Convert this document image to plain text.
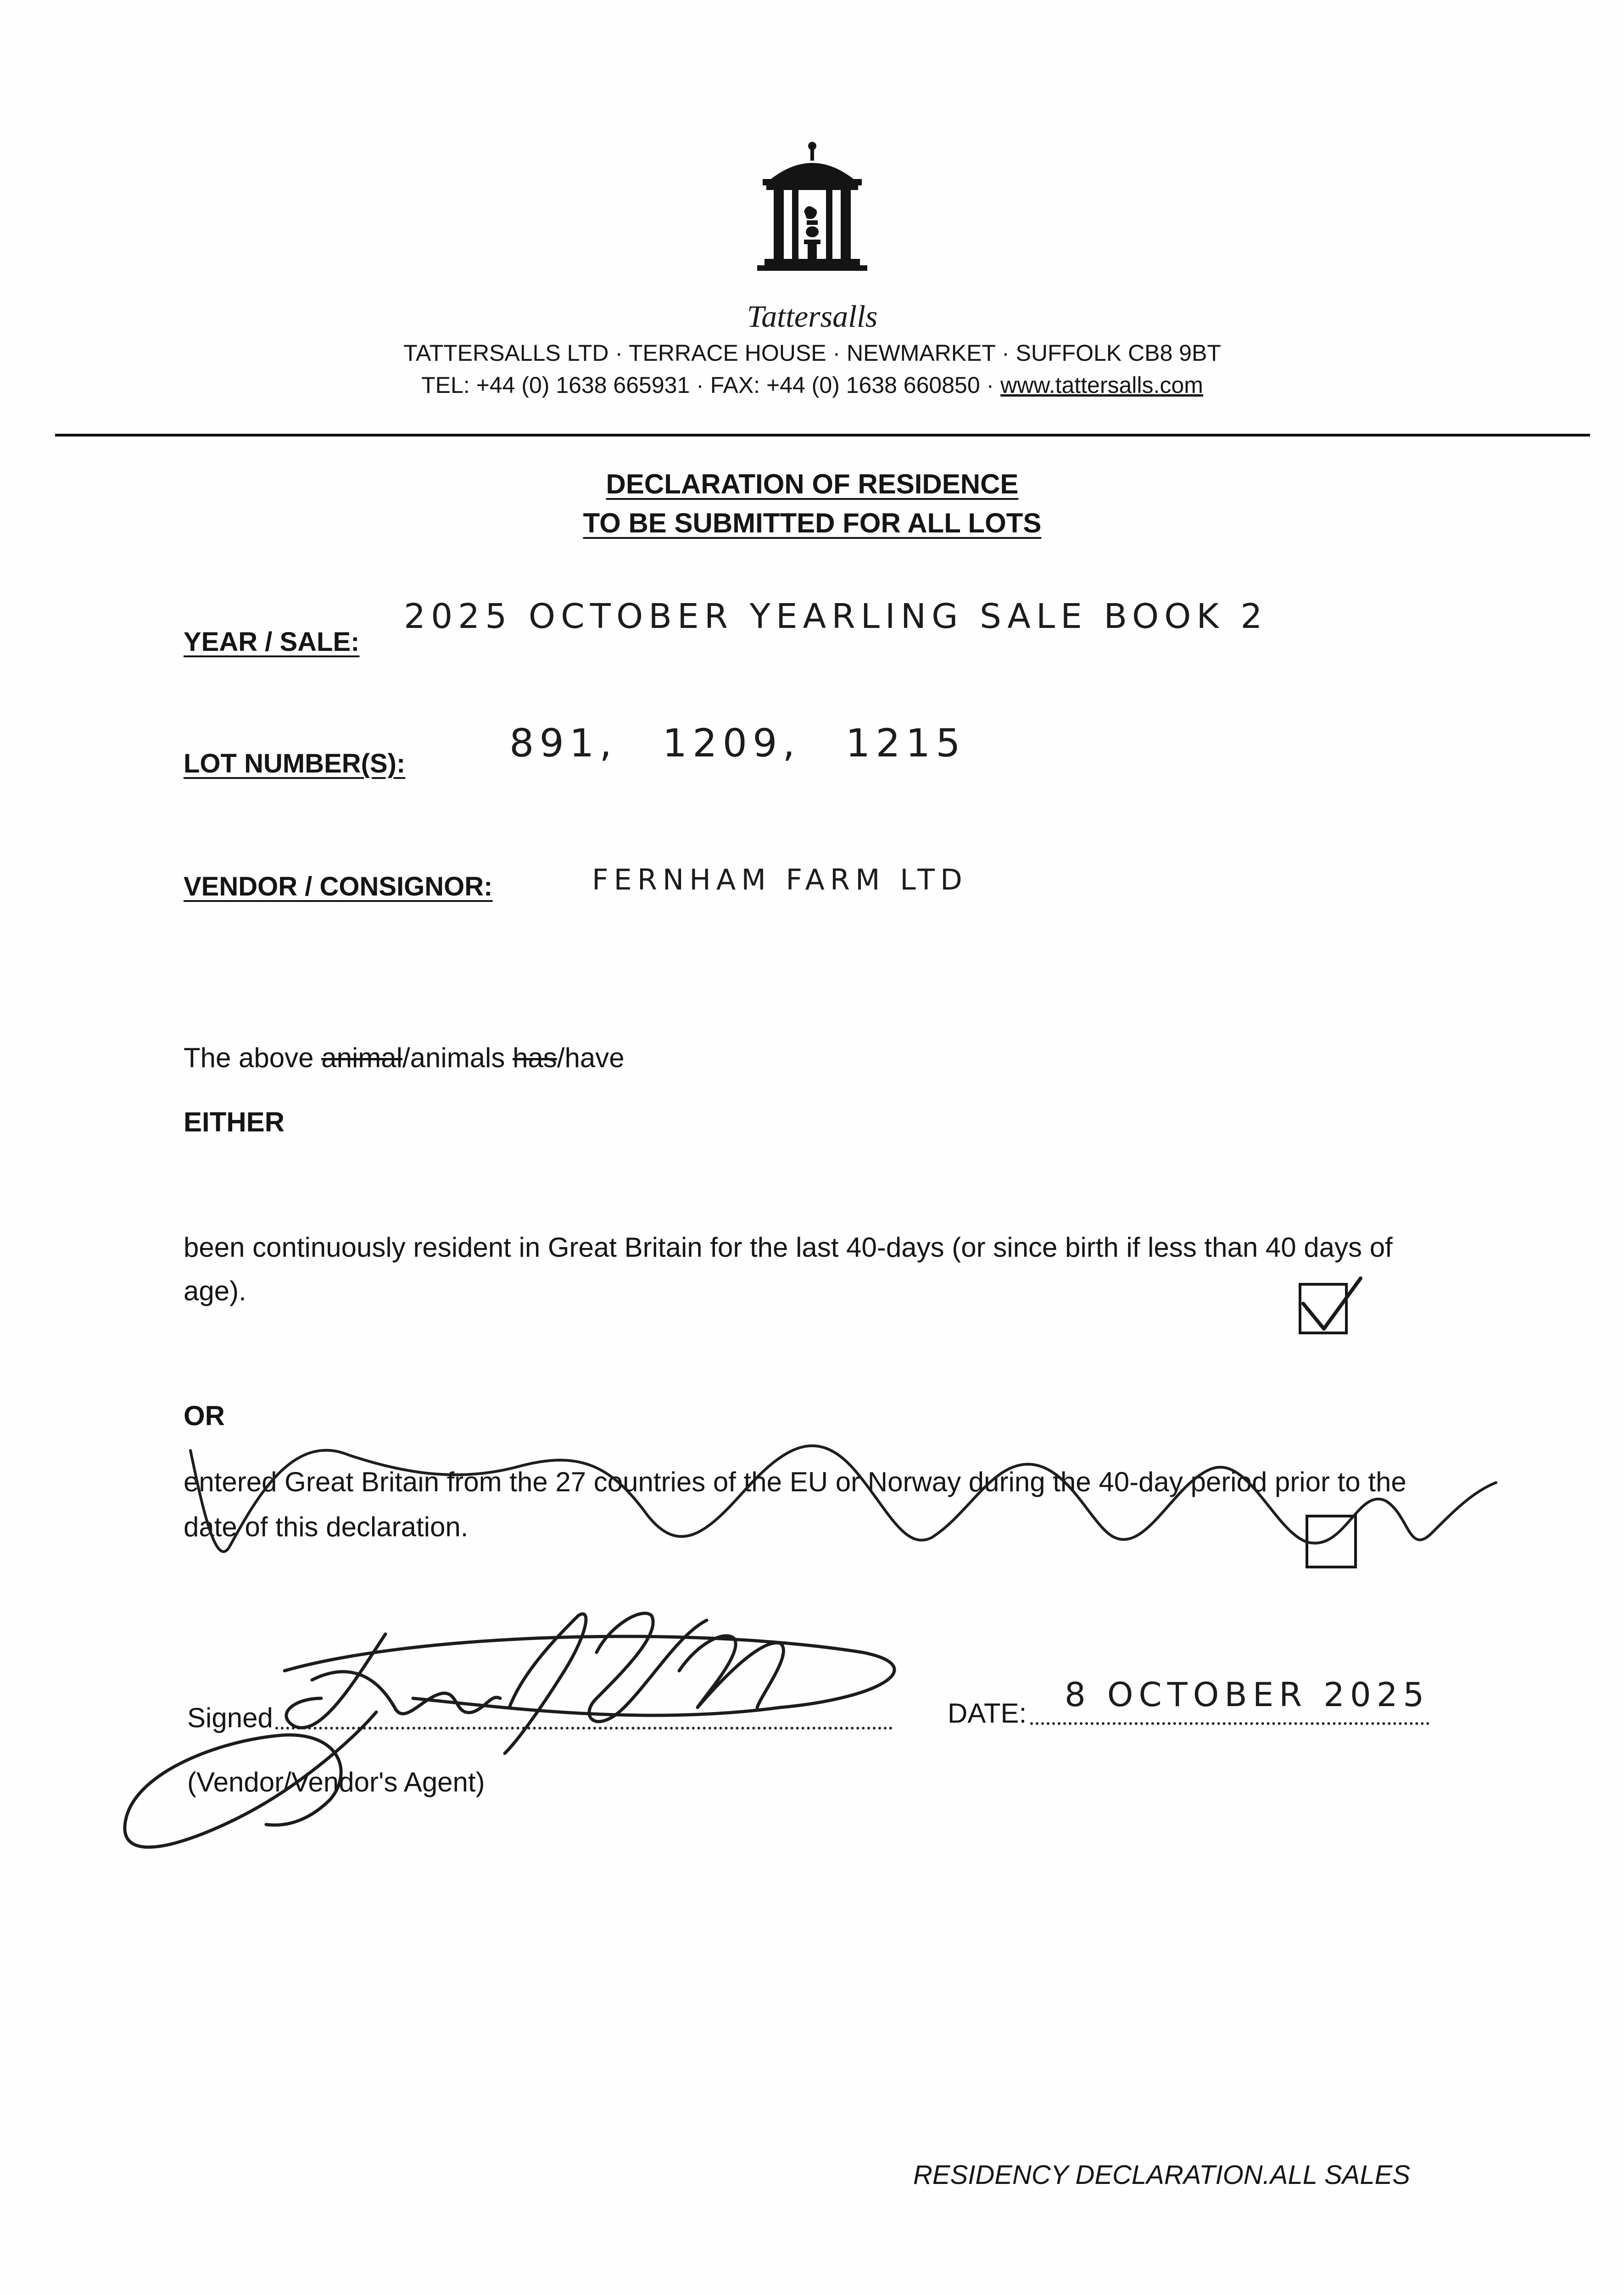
Tattersalls
TATTERSALLS LTD · TERRACE HOUSE · NEWMARKET · SUFFOLK CB8 9BT
TEL: +44 (0) 1638 665931 · FAX: +44 (0) 1638 660850 · www.tattersalls.com
DECLARATION OF RESIDENCE
TO BE SUBMITTED FOR ALL LOTS
YEAR / SALE:
2025 OCTOBER YEARLING SALE BOOK 2
LOT NUMBER(S):	891, 1209, 1215
VENDOR / CONSIGNOR:	FERNHAM FARM LTD
The above animal/animals has/have
EITHER
been continuously resident in Great Britain for the last 40-days (or since birth if less than 40 days of age).
OR
entered Great Britain from the 27 countries of the EU or Norway during the 40-day period prior to the date of this declaration.
Signed
(Vendor/Vendor's Agent)
DATE: 8 OCTOBER 2025
RESIDENCY DECLARATION.ALL SALES
